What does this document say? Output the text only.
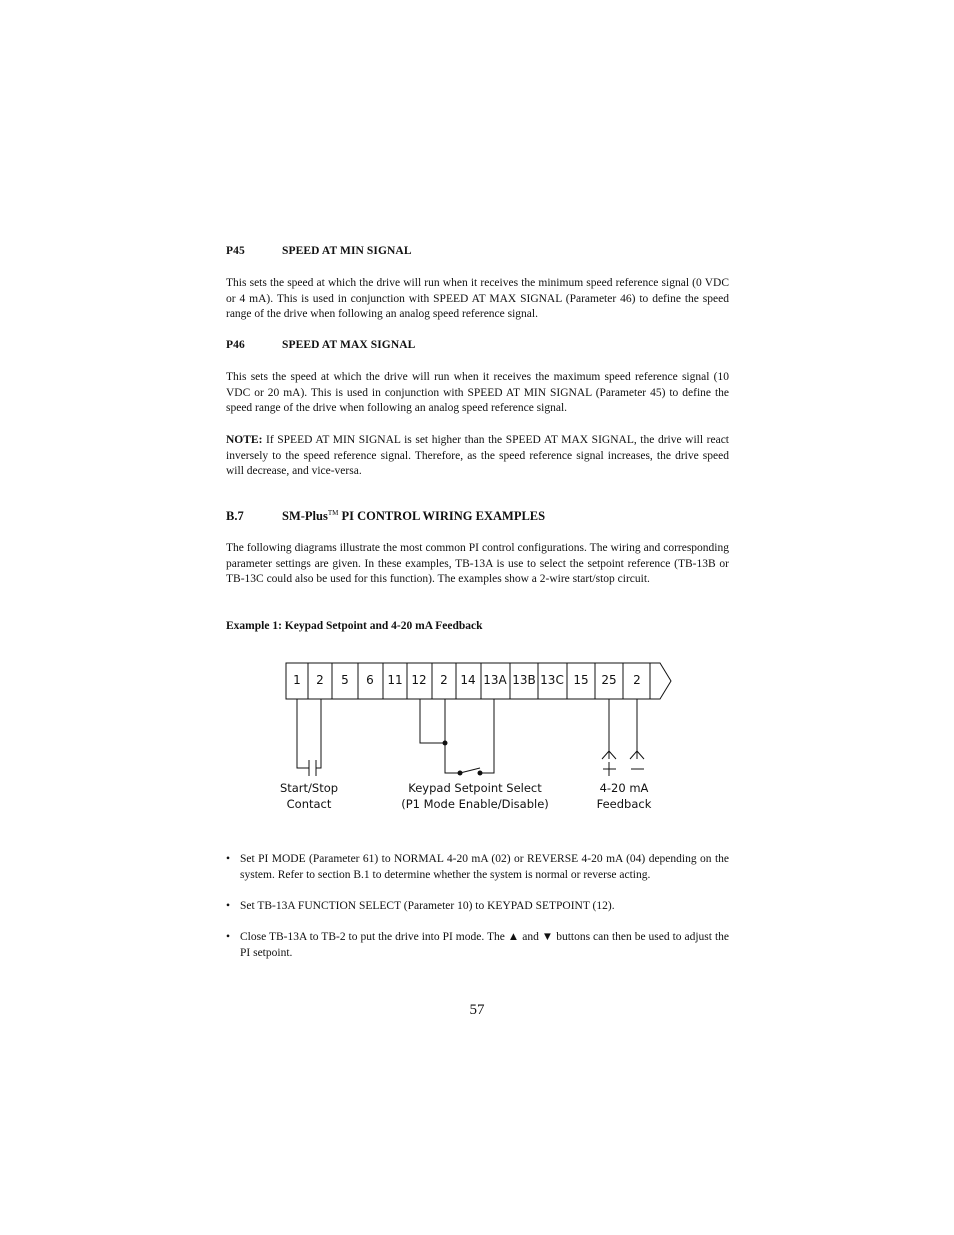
P45	SPEED AT MIN SIGNAL
This sets the speed at which the drive will run when it receives the minimum speed reference signal (0 VDC or 4 mA). This is used in conjunction with SPEED AT MAX SIGNAL (Parameter 46) to define the speed range of the drive when following an analog speed reference signal.
P46	SPEED AT MAX SIGNAL
This sets the speed at which the drive will run when it receives the maximum speed reference signal (10 VDC or 20 mA). This is used in conjunction with SPEED AT MIN SIGNAL (Parameter 45) to define the speed range of the drive when following an analog speed reference signal.
NOTE: If SPEED AT MIN SIGNAL is set higher than the SPEED AT MAX SIGNAL, the drive will react inversely to the speed reference signal. Therefore, as the speed reference signal increases, the drive speed will decrease, and vice-versa.
B.7	SM-Plus™ PI CONTROL WIRING EXAMPLES
The following diagrams illustrate the most common PI control configurations. The wiring and corresponding parameter settings are given. In these examples, TB-13A is use to select the setpoint reference (TB-13B or TB-13C could also be used for this function). The examples show a 2-wire start/stop circuit.
Example 1: Keypad Setpoint and 4-20 mA Feedback
1 2 5 6 11 12 2 14 13A 13B 13C 15 25 2
Start/Stop
Contact
Keypad Setpoint Select
(P1 Mode Enable/Disable)
4-20 mA
Feedback
• Set PI MODE (Parameter 61) to NORMAL 4-20 mA (02) or REVERSE 4-20 mA (04) depending on the system. Refer to section B.1 to determine whether the system is normal or reverse acting.
• Set TB-13A FUNCTION SELECT (Parameter 10) to KEYPAD SETPOINT (12).
• Close TB-13A to TB-2 to put the drive into PI mode. The ▲ and ▼ buttons can then be used to adjust the PI setpoint.
57
